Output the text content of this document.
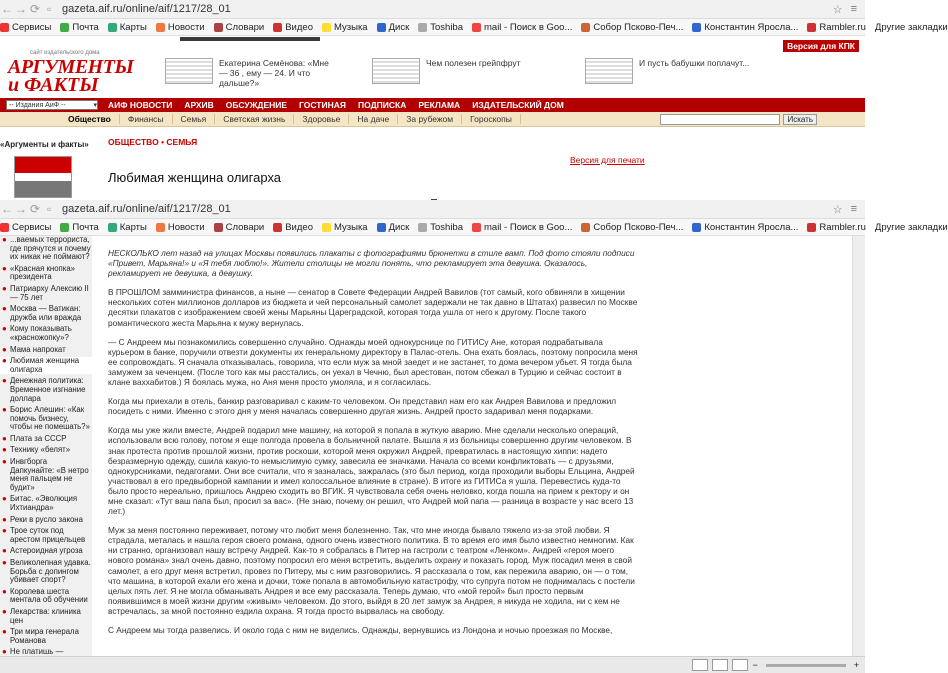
← → ⟳ ▫ gazeta.aif.ru/online/aif/1217/28_01	☆ ≡
Сервисы Почта Карты Новости Словари Видео Музыка Диск Toshiba mail - Поиск в Goo... Собор Псково-Печ... Константин Яросла... Rambler.ru Другие закладки
Версия для КПК
сайт издательского дома
АРГУМЕНТЫ
и ФАКТЫ
Екатерина Семёнова: «Мне — 36 , ему — 24. И что дальше?»
Чем полезен грейпфрут	И пусть бабушки поплачут...
-- Издания АиФ --	▾ АИФ НОВОСТИ АРХИВ ОБСУЖДЕНИЕ ГОСТИНАЯ ПОДПИСКА РЕКЛАМА ИЗДАТЕЛЬСКИЙ ДОМ
Общество	Финансы	Семья	Светская жизнь	Здоровье	На даче	За рубежом	Гороскопы	Искать
«Аргументы и факты» ОБЩЕСТВО • СЕМЬЯ
Версия для печати
Любимая женщина олигарха
← → ⟳ ▫ gazeta.aif.ru/online/aif/1217/28_01	☆ ≡
Сервисы Почта Карты Новости Словари Видео Музыка Диск Toshiba mail - Поиск в Goo... Собор Псково-Печ... Константин Яросла... Rambler.ru Другие закладки
● ...ваемых террориста, где прячутся и почему их никак не поймают?
● «Красная кнопка» президента
● Патриарху Алексию II — 75 лет
● Москва — Ватикан: дружба или вражда
● Кому показывать «красножопку»?
● Мама напрокат
● Любимая женщина олигарха
● Денежная политика: Временное изгнание доллара
● Борис Алешин: «Как помочь бизнесу, чтобы не помешать?»
● Плата за СССР
● Технику «белят»
● Инвгборга Дапкунайте: «В нетро меня пальцем не будит»
● Битас. «Эволюция Ихтиандра»
● Реки в русло закона
● Трое суток под арестом прицельцев
● Астероидная угроза
● Великолепная удавка. Борьба с допингом убивает спорт?
● Королева шеста ментала об обучении
● Лекарства: клиника цен
● Три мира генерала Романова
● Не платишь —

НЕСКОЛЬКО лет назад на улицах Москвы появились плакаты с фотографиями брюнетки в стиле вамп. Под фото стояли подписи «Привет, Марьяна!» и «Я тебя люблю!». Жители столицы не могли понять, что рекламирует эта девушка. Оказалось, рекламирует не девушка, а девушку.

В ПРОШЛОМ замминистра финансов, а ныне — сенатор в Совете Федерации Андрей Вавилов (тот самый, кого обвиняли в хищении нескольких сотен миллионов долларов из бюджета и чей персональный самолет задержали не так давно в Штатах) развесил по Москве десятки плакатов с изображением своей жены Марьяны Цареградской, которая тогда ушла от него к другому. После такого романтического жеста Марьяна к мужу вернулась.

— С Андреем мы познакомились совершенно случайно. Однажды моей однокурснице по ГИТИСу Ане, которая подрабатывала курьером в банке, поручили отвезти документы их генеральному директору в Палас-отель. Она ехать боялась, поэтому попросила меня ее сопровождать. Я сначала отказывалась, говорила, что если муж за мной заедет и не застанет, то дома вечером убьет. Я тогда была замужем за чеченцем. (После того как мы расстались, он уехал в Чечню, был арестован, потом сбежал в Турцию и сейчас состоит в клане ваххабитов.) Я боялась мужа, но Аня меня просто умоляла, и я согласилась.

Когда мы приехали в отель, банкир разговаривал с каким-то человеком. Он представил нам его как Андрея Вавилова и предложил посидеть с ними. Именно с этого дня у меня началась совершенно другая жизнь. Андрей просто задаривал меня подарками.

Когда мы уже жили вместе, Андрей подарил мне машину, на которой я попала в жуткую аварию. Мне сделали несколько операций, использовали всю голову, потом я еще полгода провела в больничной палате. Вышла я из больницы совершенно другим человеком. В знак протеста против прошлой жизни, против роскоши, которой меня окружил Андрей, превратилась в настоящую хиппи: надето безразмерную одежду, сшила какую-то немыслимую сумку, завесила ее значками. Начала со всеми конфликтовать — с друзьями, однокурсниками, педагогами. Они все считали, что я зазналась, зажралась (это был период, когда проходили выборы Ельцина, Андрей участвовал в его предвыборной кампании и имел колоссальное влияние в стране). В итоге из ГИТИСа я ушла. Перевестись куда-то было просто нереально, пришлось Андрею сходить во ВГИК. Я чувствовала себя очень неловко, когда пошла на прием к ректору и он мне сказал: «Тут ваш папа был, просил за вас». (Не знаю, почему он решил, что Андрей мой папа — разница в возрасте у нас всего 13 лет.)

Муж за меня постоянно переживает, потому что любит меня болезненно. Так, что мне иногда бывало тяжело из-за этой любви. Я страдала, металась и нашла героя своего романа, одного очень известного политика. В то время его имя было известно немногим. Как ни странно, организовал нашу встречу Андрей. Как-то я собралась в Питер на гастроли с театром «Ленком». Андрей «героя моего нового романа» знал очень давно, поэтому попросил его меня встретить, выделить охрану и показать город. Муж посадил меня в свой самолет, а его друг меня встретил, провез по Питеру, мы с ним разговорились. Я рассказала о том, как пережила аварию, он — о том, что машина, в которой ехали его жена и дочки, тоже попала в автомобильную катастрофу, что супруга потом не поднималась с постели целых пять лет. Я не могла обманывать Андрея и все ему рассказала. Теперь думаю, что «мой герой» был просто первым появившимся в моей жизни другим «живым» человеком. До этого, выйдя в 20 лет замуж за Андрея, я никуда не ходила, ни с кем не встречалась, за мной постоянно ездила охрана. Я тогда просто вырвалась на свободу.

С Андреем мы тогда развелись. И около года с ним не виделись. Однажды, вернувшись из Лондона и ночью проезжая по Москве,

−	+
